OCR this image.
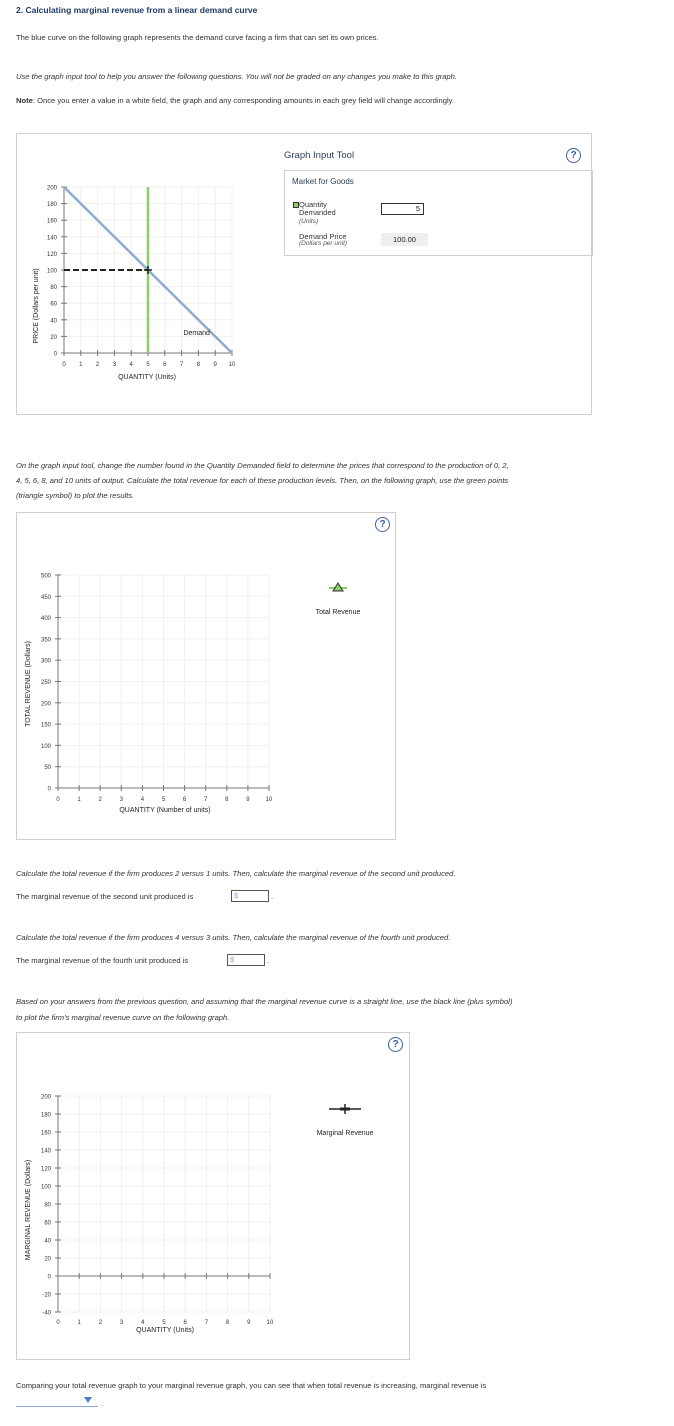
2. Calculating marginal revenue from a linear demand curve
The blue curve on the following graph represents the demand curve facing a firm that can set its own prices.
Use the graph input tool to help you answer the following questions. You will not be graded on any changes you make to this graph.
Note: Once you enter a value in a white field, the graph and any corresponding amounts in each grey field will change accordingly.
PRICE (Dollars per unit)
QUANTITY (Units)
0
20
40
60
80
100
120
140
160
180
200
0 1 2 3 4 5 6 7 8 9 10
Demand
Graph Input Tool	?
Market for Goods
Quantity Demanded
(Units)
5
Demand Price
(Dollars per unit)	100.00
On the graph input tool, change the number found in the Quantity Demanded field to determine the prices that correspond to the production of 0, 2,
4, 5, 6, 8, and 10 units of output. Calculate the total revenue for each of these production levels. Then, on the following graph, use the green points
(triangle symbol) to plot the results.
TOTAL REVENUE (Dollars)
QUANTITY (Number of units)
Total Revenue
0
50
100
150
200
250
300
350
400
450
500
0	1	2	3	4	5	6	7	8	9	10
?
Calculate the total revenue if the firm produces 2 versus 1 units. Then, calculate the marginal revenue of the second unit produced.
The marginal revenue of the second unit produced is	$	.
Calculate the total revenue if the firm produces 4 versus 3 units. Then, calculate the marginal revenue of the fourth unit produced.
The marginal revenue of the fourth unit produced is	$	.
Based on your answers from the previous question, and assuming that the marginal revenue curve is a straight line, use the black line (plus symbol)
to plot the firm's marginal revenue curve on the following graph.
MARGINAL REVENUE (Dollars)
QUANTITY (Units)
Marginal Revenue
-40
-20
0
20
40
60
80
100
120
140
160
180
200
0	1	2	3	4	5	6	7	8	9	10
?
Comparing your total revenue graph to your marginal revenue graph, you can see that when total revenue is increasing, marginal revenue is
.
